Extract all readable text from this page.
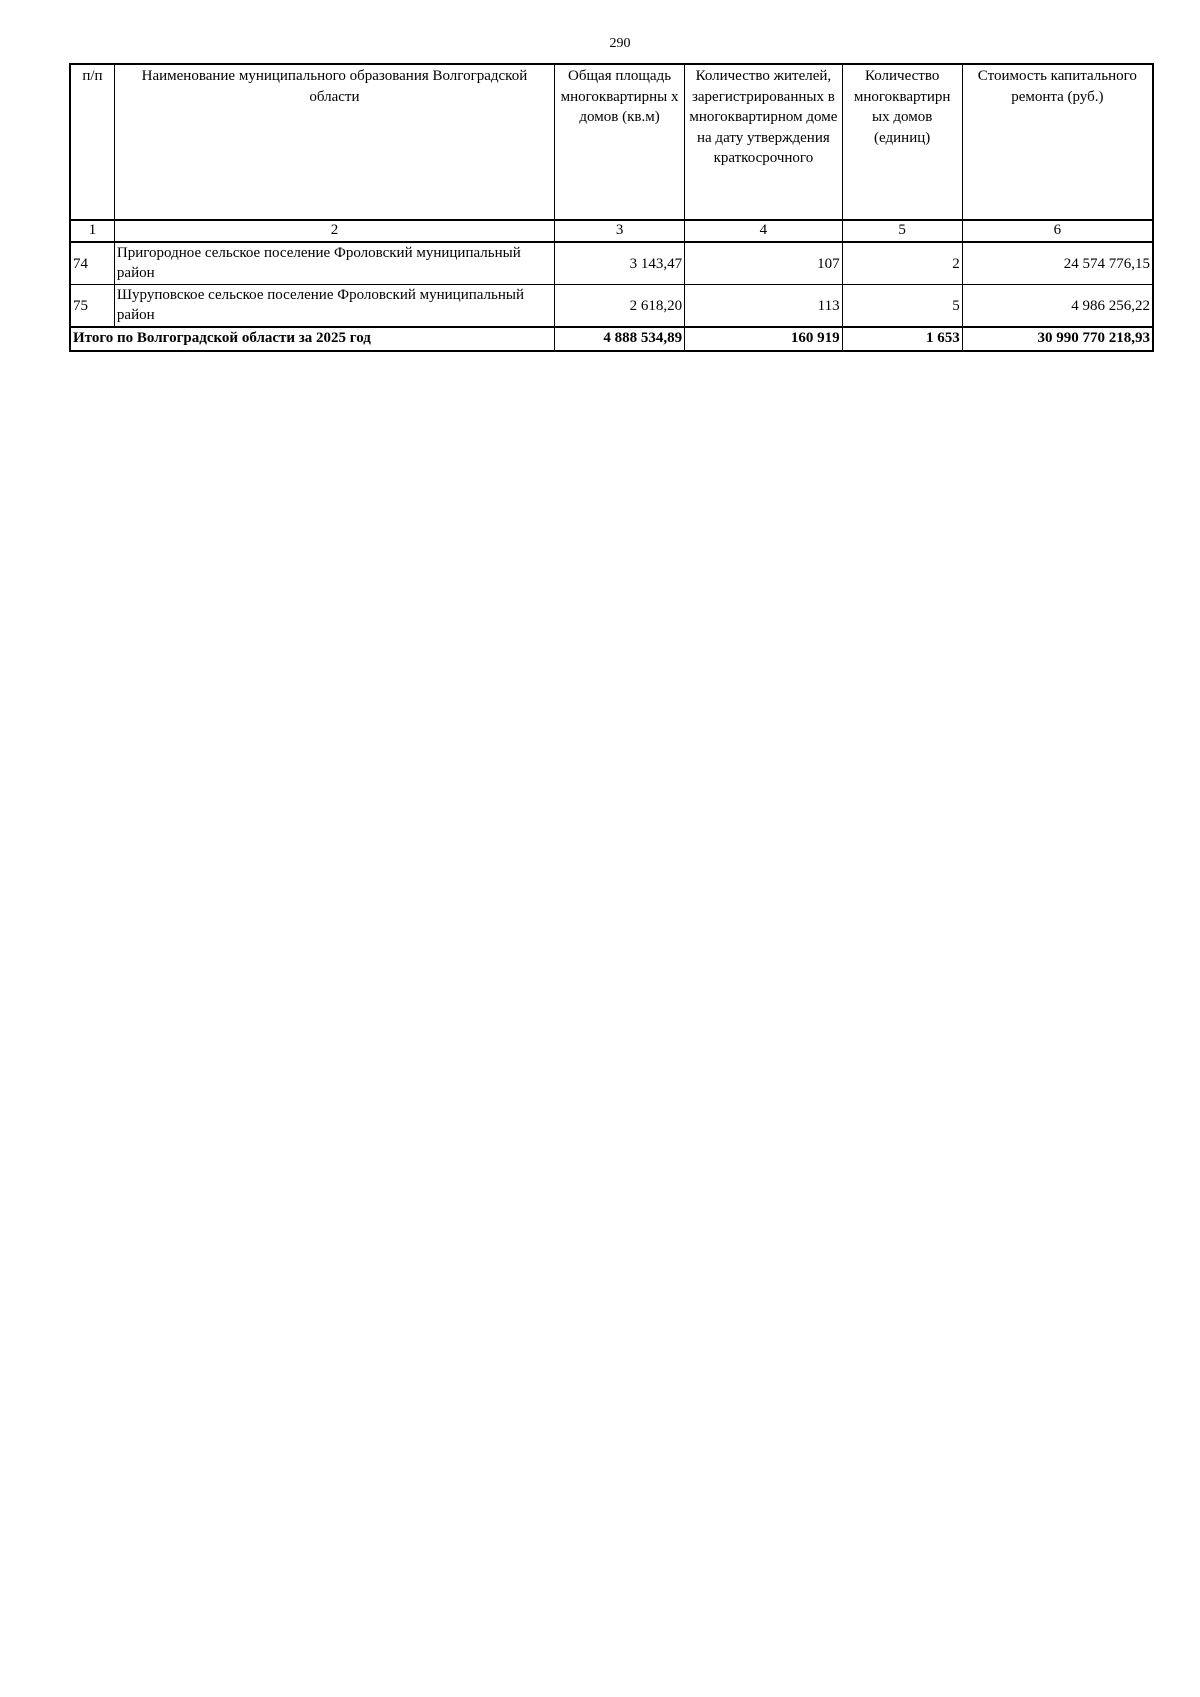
290
п/п	Наименование муниципального образования Волгоградской области	Общая площадь многоквартирны х домов (кв.м)	Количество жителей, зарегистрированных в многоквартирном доме на дату утверждения краткосрочного	Количество многоквартирн ых домов (единиц)	Стоимость капитального ремонта (руб.)
1	2	3	4	5	6
74	Пригородное сельское поселение Фроловский муниципальный район	3 143,47	107	2	24 574 776,15
75	Шуруповское сельское поселение Фроловский муниципальный район	2 618,20	113	5	4 986 256,22
Итого по Волгоградской области за 2025 год		4 888 534,89	160 919	1 653	30 990 770 218,93
